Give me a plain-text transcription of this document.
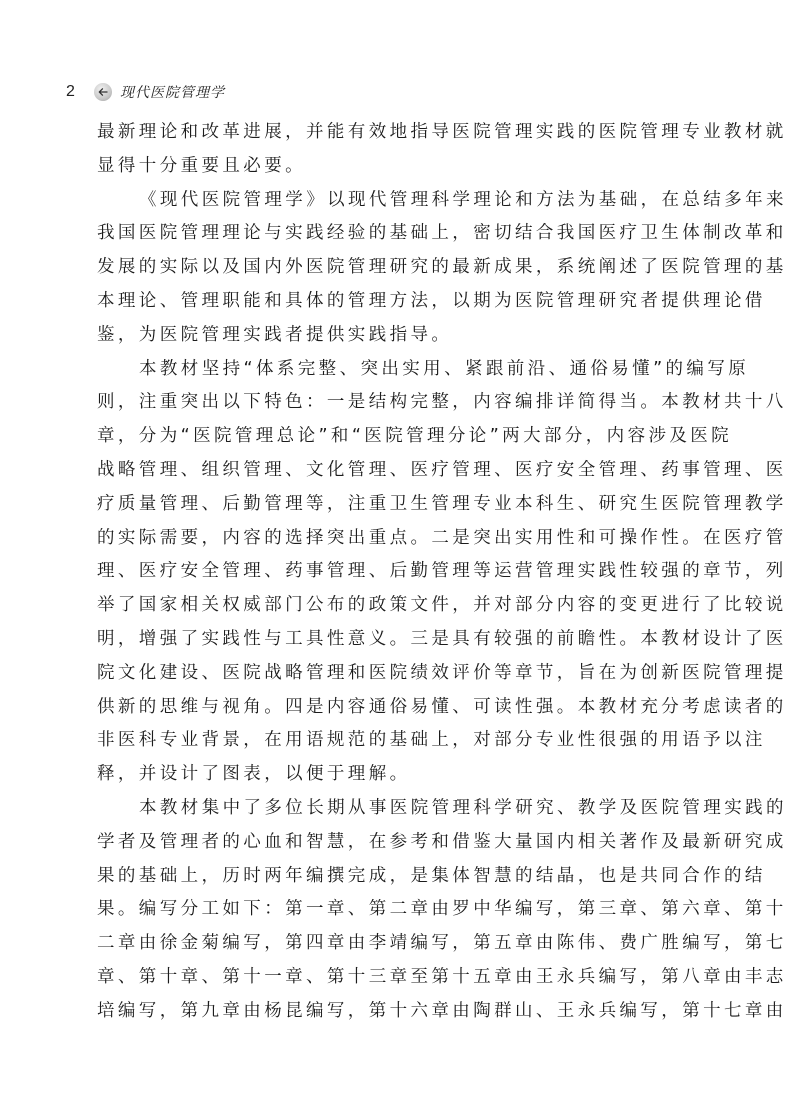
2	现代医院管理学
最新理论和改革进展，并能有效地指导医院管理实践的医院管理专业教材就
显得十分重要且必要。
《现代医院管理学》以现代管理科学理论和方法为基础，在总结多年来
我国医院管理理论与实践经验的基础上，密切结合我国医疗卫生体制改革和
发展的实际以及国内外医院管理研究的最新成果，系统阐述了医院管理的基
本理论、管理职能和具体的管理方法，以期为医院管理研究者提供理论借
鉴，为医院管理实践者提供实践指导。
本教材坚持“体系完整、突出实用、紧跟前沿、通俗易懂”的编写原
则，注重突出以下特色：一是结构完整，内容编排详简得当。本教材共十八
章，分为“医院管理总论”和“医院管理分论”两大部分，内容涉及医院
战略管理、组织管理、文化管理、医疗管理、医疗安全管理、药事管理、医
疗质量管理、后勤管理等，注重卫生管理专业本科生、研究生医院管理教学
的实际需要，内容的选择突出重点。二是突出实用性和可操作性。在医疗管
理、医疗安全管理、药事管理、后勤管理等运营管理实践性较强的章节，列
举了国家相关权威部门公布的政策文件，并对部分内容的变更进行了比较说
明，增强了实践性与工具性意义。三是具有较强的前瞻性。本教材设计了医
院文化建设、医院战略管理和医院绩效评价等章节，旨在为创新医院管理提
供新的思维与视角。四是内容通俗易懂、可读性强。本教材充分考虑读者的
非医科专业背景，在用语规范的基础上，对部分专业性很强的用语予以注
释，并设计了图表，以便于理解。
本教材集中了多位长期从事医院管理科学研究、教学及医院管理实践的
学者及管理者的心血和智慧，在参考和借鉴大量国内相关著作及最新研究成
果的基础上，历时两年编撰完成，是集体智慧的结晶，也是共同合作的结
果。编写分工如下：第一章、第二章由罗中华编写，第三章、第六章、第十
二章由徐金菊编写，第四章由李靖编写，第五章由陈伟、费广胜编写，第七
章、第十章、第十一章、第十三章至第十五章由王永兵编写，第八章由丰志
培编写，第九章由杨昆编写，第十六章由陶群山、王永兵编写，第十七章由
